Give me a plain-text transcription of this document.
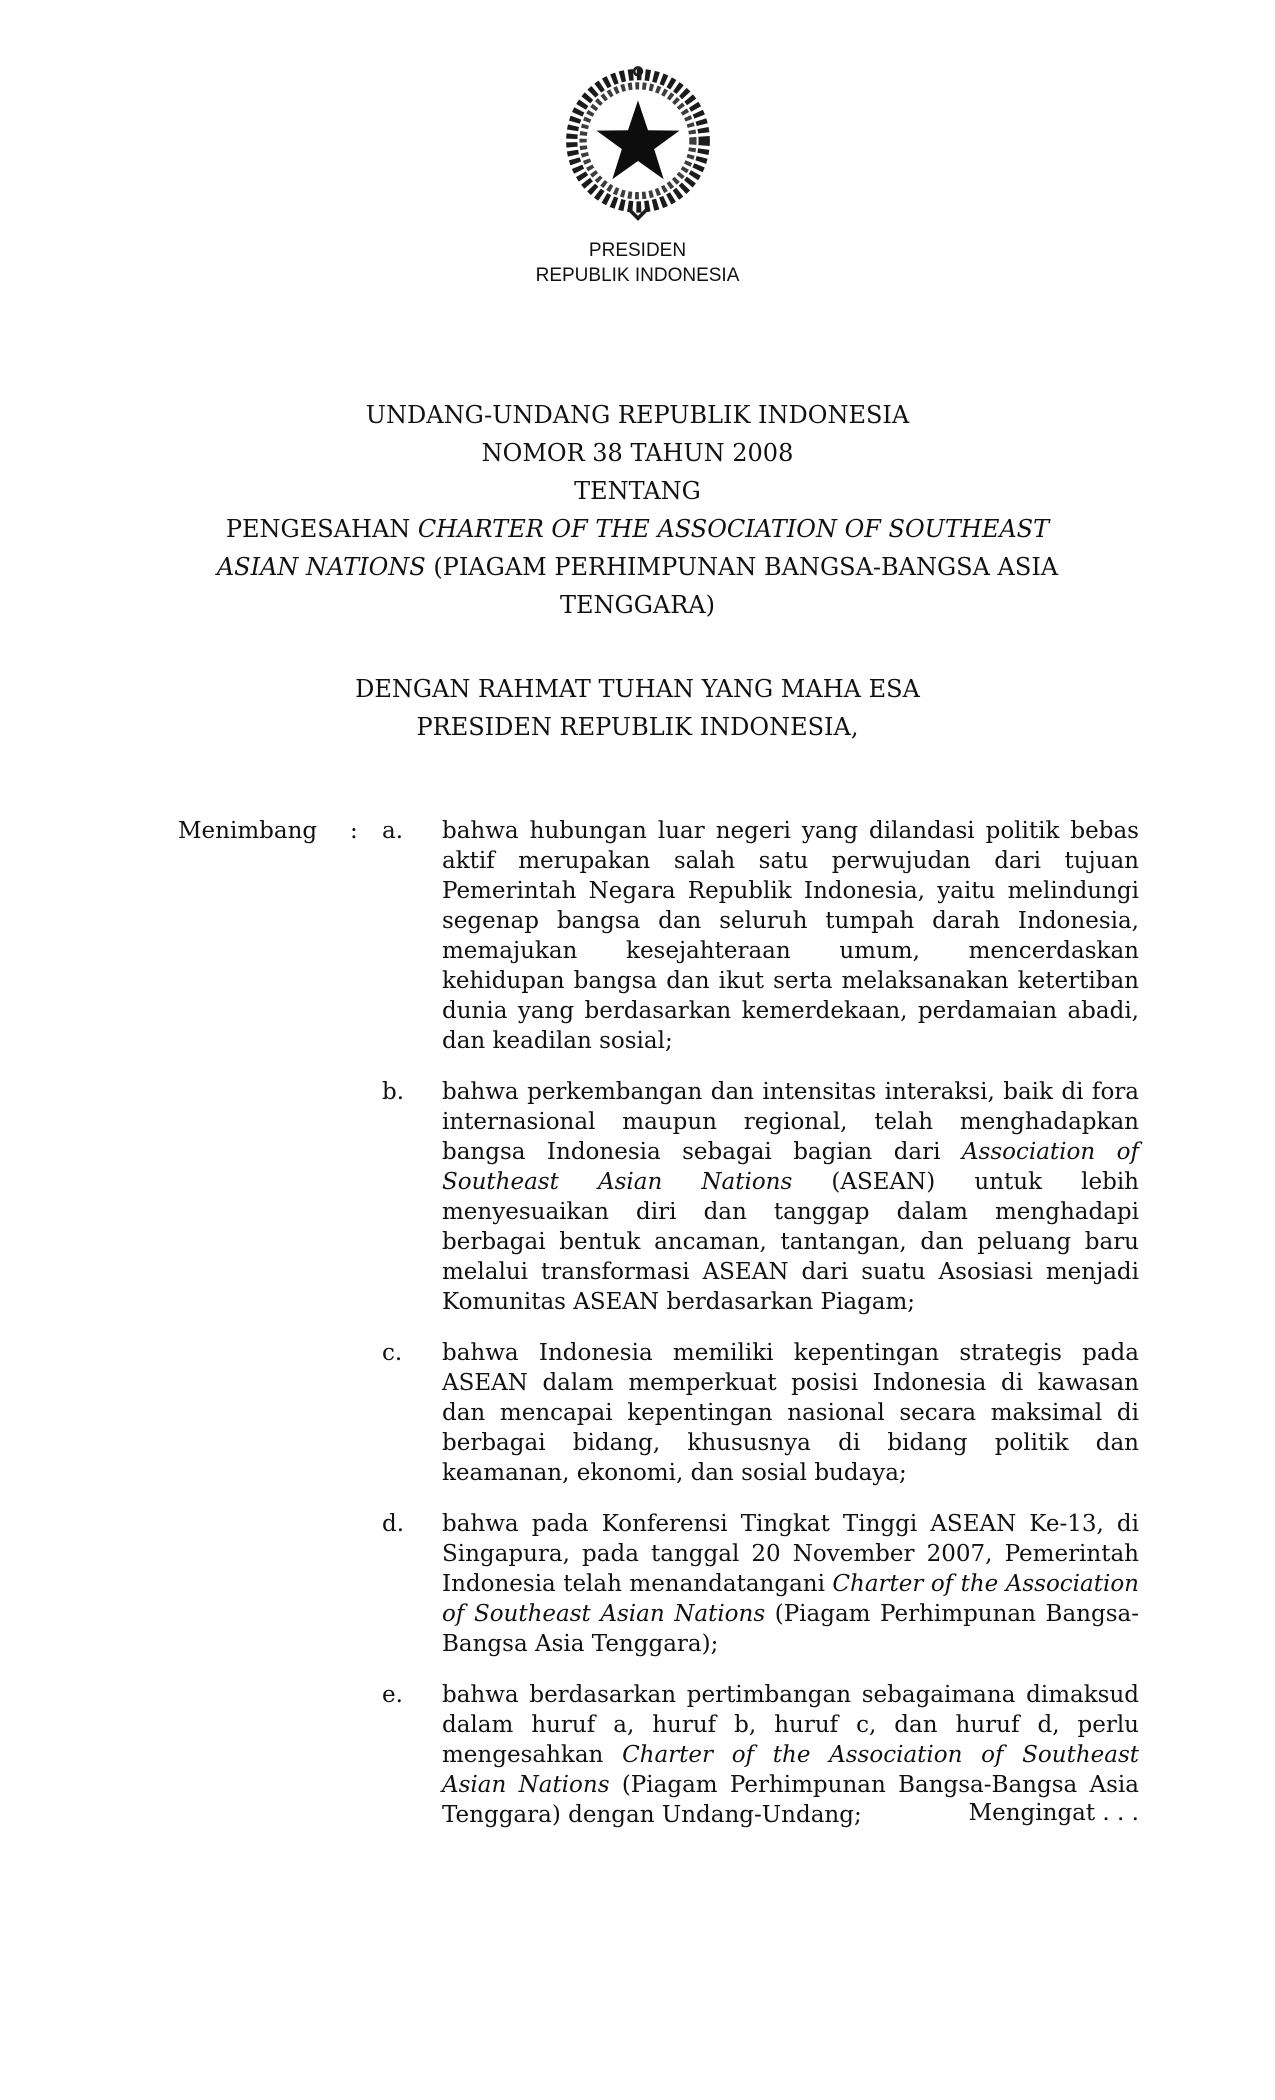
PRESIDEN
REPUBLIK INDONESIA
UNDANG-UNDANG REPUBLIK INDONESIA
NOMOR 38 TAHUN 2008
TENTANG
PENGESAHAN CHARTER OF THE ASSOCIATION OF SOUTHEAST ASIAN NATIONS (PIAGAM PERHIMPUNAN BANGSA-BANGSA ASIA TENGGARA)
DENGAN RAHMAT TUHAN YANG MAHA ESA
PRESIDEN REPUBLIK INDONESIA,
Menimbang	:	a.	bahwa hubungan luar negeri yang dilandasi politik bebas aktif merupakan salah satu perwujudan dari tujuan Pemerintah Negara Republik Indonesia, yaitu melindungi segenap bangsa dan seluruh tumpah darah Indonesia, memajukan kesejahteraan umum, mencerdaskan kehidupan bangsa dan ikut serta melaksanakan ketertiban dunia yang berdasarkan kemerdekaan, perdamaian abadi, dan keadilan sosial;
b.	bahwa perkembangan dan intensitas interaksi, baik di fora internasional maupun regional, telah menghadapkan bangsa Indonesia sebagai bagian dari Association of Southeast Asian Nations (ASEAN) untuk lebih menyesuaikan diri dan tanggap dalam menghadapi berbagai bentuk ancaman, tantangan, dan peluang baru melalui transformasi ASEAN dari suatu Asosiasi menjadi Komunitas ASEAN berdasarkan Piagam;
c.	bahwa Indonesia memiliki kepentingan strategis pada ASEAN dalam memperkuat posisi Indonesia di kawasan dan mencapai kepentingan nasional secara maksimal di berbagai bidang, khususnya di bidang politik dan keamanan, ekonomi, dan sosial budaya;
d.	bahwa pada Konferensi Tingkat Tinggi ASEAN Ke-13, di Singapura, pada tanggal 20 November 2007, Pemerintah Indonesia telah menandatangani Charter of the Association of Southeast Asian Nations (Piagam Perhimpunan Bangsa-Bangsa Asia Tenggara);
e.	bahwa berdasarkan pertimbangan sebagaimana dimaksud dalam huruf a, huruf b, huruf c, dan huruf d, perlu mengesahkan Charter of the Association of Southeast Asian Nations (Piagam Perhimpunan Bangsa-Bangsa Asia Tenggara) dengan Undang-Undang;	Mengingat . . .
